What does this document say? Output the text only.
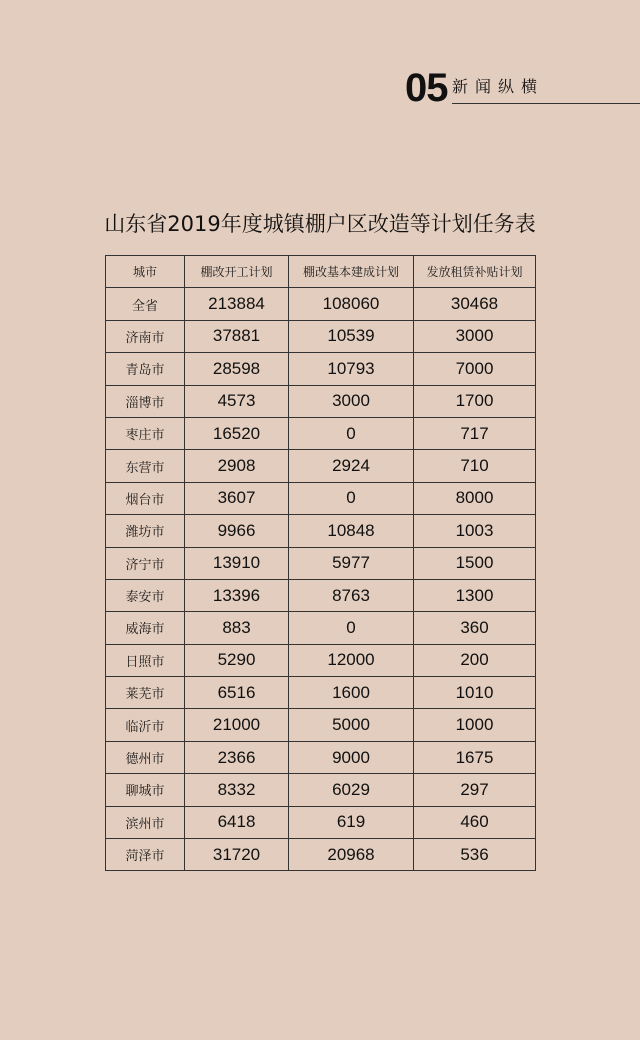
05 新闻纵横
山东省2019年度城镇棚户区改造等计划任务表
城市	棚改开工计划	棚改基本建成计划	发放租赁补贴计划
全省	213884	108060	30468
济南市	37881	10539	3000
青岛市	28598	10793	7000
淄博市	4573	3000	1700
枣庄市	16520	0	717
东营市	2908	2924	710
烟台市	3607	0	8000
潍坊市	9966	10848	1003
济宁市	13910	5977	1500
泰安市	13396	8763	1300
威海市	883	0	360
日照市	5290	12000	200
莱芜市	6516	1600	1010
临沂市	21000	5000	1000
德州市	2366	9000	1675
聊城市	8332	6029	297
滨州市	6418	619	460
菏泽市	31720	20968	536
